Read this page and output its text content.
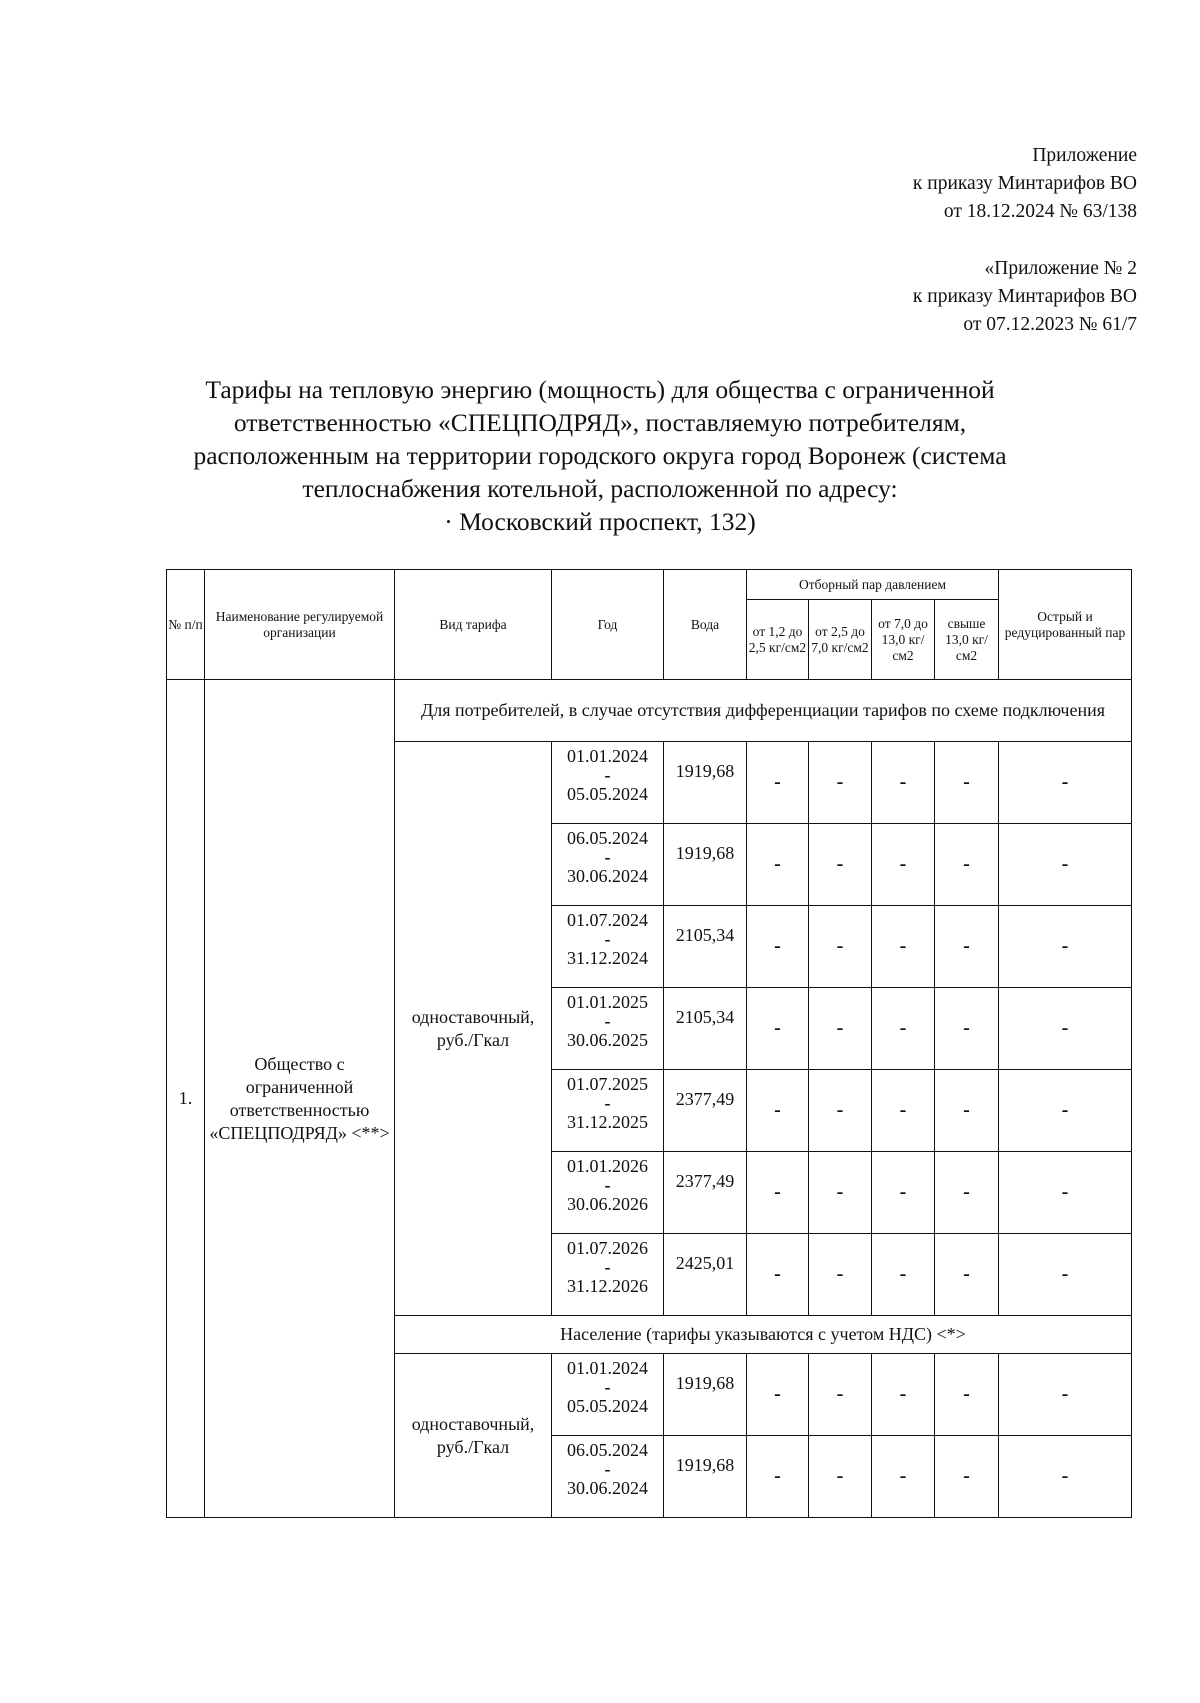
Приложение
к приказу Минтарифов ВО
от 18.12.2024 № 63/138
«Приложение № 2
к приказу Минтарифов ВО
от 07.12.2023 № 61/7
Тарифы на тепловую энергию (мощность) для общества с ограниченной
ответственностью «СПЕЦПОДРЯД», поставляемую потребителям,
расположенным на территории городского округа город Воронеж (система
теплоснабжения котельной, расположенной по адресу:
· Московский проспект, 132)
№ п/п	Наименование регулируемой организации	Вид тарифа	Год	Вода	Отборный пар давлением				Острый и редуцированный пар
					от 1,2 до 2,5 кг/см2	от 2,5 до 7,0 кг/см2	от 7,0 до 13,0 кг/см2	свыше 13,0 кг/см2	
1.	Общество с ограниченной ответственностью «СПЕЦПОДРЯД» <**>	Для потребителей, в случае отсутствия дифференциации тарифов по схеме подключения							
		одноставочный, руб./Гкал	01.01.2024
-
05.05.2024	1919,68	-	-	-	-	-

			06.05.2024
-
30.06.2024	1919,68	-	-	-	-	-

			01.07.2024
-
31.12.2024	2105,34	-	-	-	-	-

			01.01.2025
-
30.06.2025	2105,34	-	-	-	-	-

			01.07.2025
-
31.12.2025	2377,49	-	-	-	-	-

			01.01.2026
-
30.06.2026	2377,49	-	-	-	-	-

			01.07.2026
-
31.12.2026	2425,01	-	-	-	-	-
		Население (тарифы указываются с учетом НДС) <*>							
		одноставочный, руб./Гкал	01.01.2024
-
05.05.2024	1919,68	-	-	-	-	-

			06.05.2024
-
30.06.2024	1919,68	-	-	-	-	-
